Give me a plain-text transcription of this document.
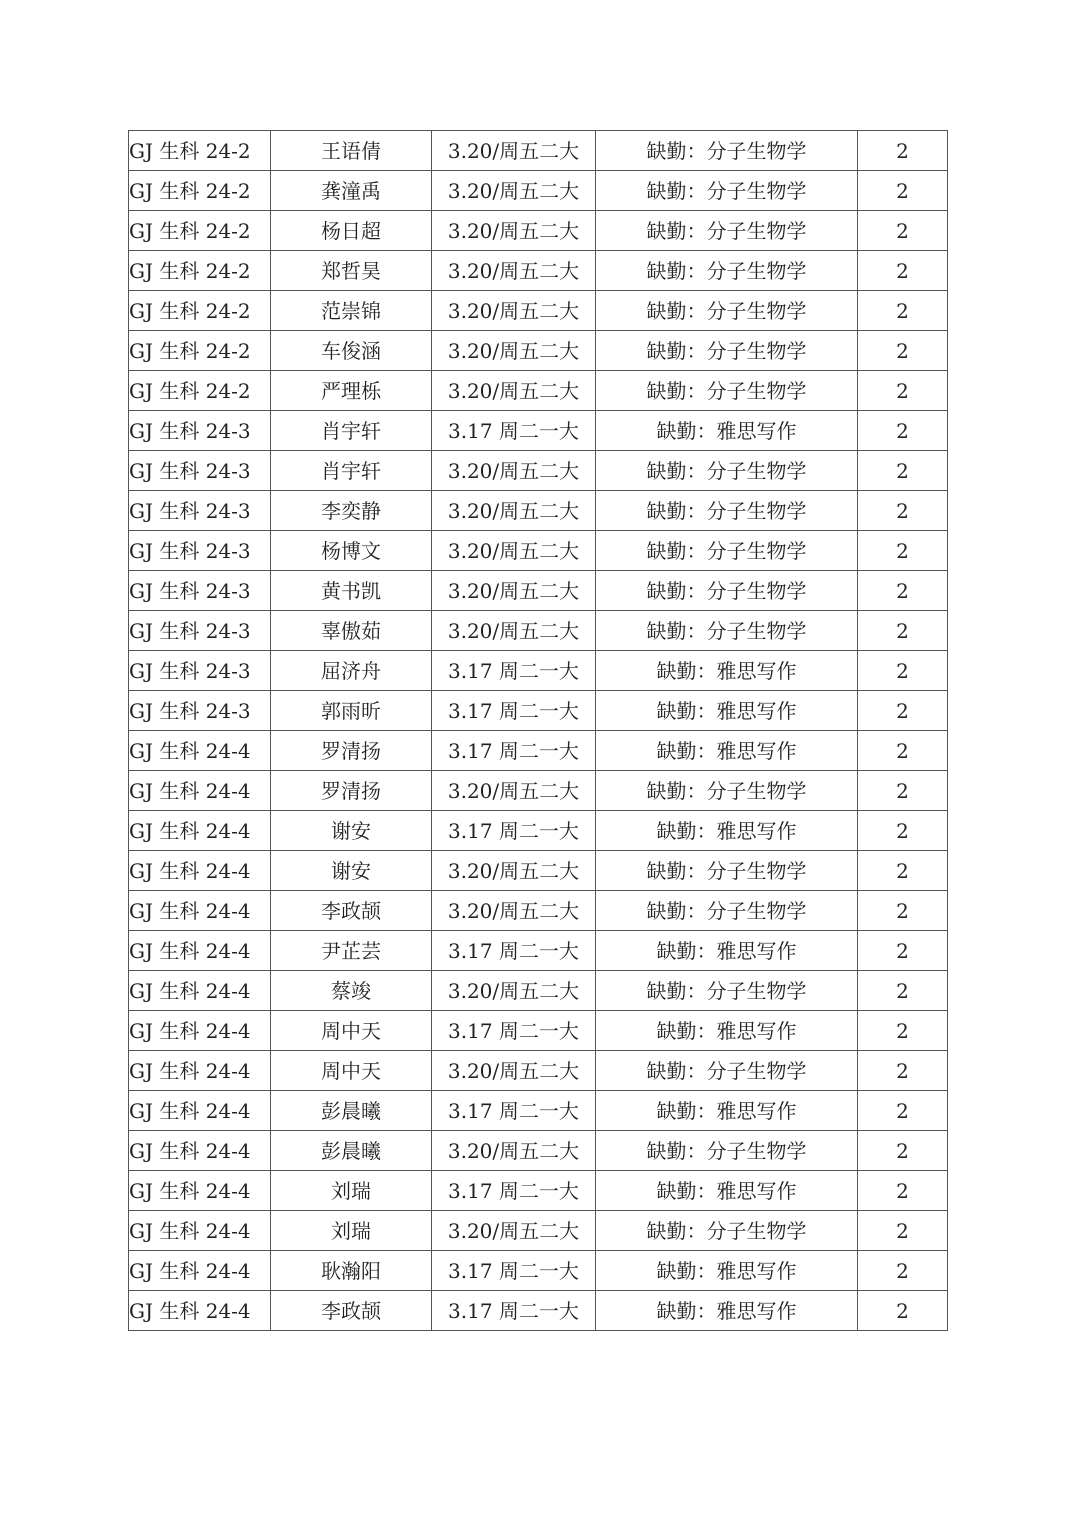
GJ 生科 24-2	王语倩	3.20/周五二大	缺勤：分子生物学	2
GJ 生科 24-2	龚潼禹	3.20/周五二大	缺勤：分子生物学	2
GJ 生科 24-2	杨日超	3.20/周五二大	缺勤：分子生物学	2
GJ 生科 24-2	郑哲昊	3.20/周五二大	缺勤：分子生物学	2
GJ 生科 24-2	范崇锦	3.20/周五二大	缺勤：分子生物学	2
GJ 生科 24-2	车俊涵	3.20/周五二大	缺勤：分子生物学	2
GJ 生科 24-2	严理栎	3.20/周五二大	缺勤：分子生物学	2
GJ 生科 24-3	肖宇轩	3.17 周二一大	缺勤：雅思写作	2
GJ 生科 24-3	肖宇轩	3.20/周五二大	缺勤：分子生物学	2
GJ 生科 24-3	李奕静	3.20/周五二大	缺勤：分子生物学	2
GJ 生科 24-3	杨博文	3.20/周五二大	缺勤：分子生物学	2
GJ 生科 24-3	黄书凯	3.20/周五二大	缺勤：分子生物学	2
GJ 生科 24-3	辜傲茹	3.20/周五二大	缺勤：分子生物学	2
GJ 生科 24-3	屈济舟	3.17 周二一大	缺勤：雅思写作	2
GJ 生科 24-3	郭雨昕	3.17 周二一大	缺勤：雅思写作	2
GJ 生科 24-4	罗清扬	3.17 周二一大	缺勤：雅思写作	2
GJ 生科 24-4	罗清扬	3.20/周五二大	缺勤：分子生物学	2
GJ 生科 24-4	谢安	3.17 周二一大	缺勤：雅思写作	2
GJ 生科 24-4	谢安	3.20/周五二大	缺勤：分子生物学	2
GJ 生科 24-4	李政颉	3.20/周五二大	缺勤：分子生物学	2
GJ 生科 24-4	尹芷芸	3.17 周二一大	缺勤：雅思写作	2
GJ 生科 24-4	蔡竣	3.20/周五二大	缺勤：分子生物学	2
GJ 生科 24-4	周中天	3.17 周二一大	缺勤：雅思写作	2
GJ 生科 24-4	周中天	3.20/周五二大	缺勤：分子生物学	2
GJ 生科 24-4	彭晨曦	3.17 周二一大	缺勤：雅思写作	2
GJ 生科 24-4	彭晨曦	3.20/周五二大	缺勤：分子生物学	2
GJ 生科 24-4	刘瑞	3.17 周二一大	缺勤：雅思写作	2
GJ 生科 24-4	刘瑞	3.20/周五二大	缺勤：分子生物学	2
GJ 生科 24-4	耿瀚阳	3.17 周二一大	缺勤：雅思写作	2
GJ 生科 24-4	李政颉	3.17 周二一大	缺勤：雅思写作	2
